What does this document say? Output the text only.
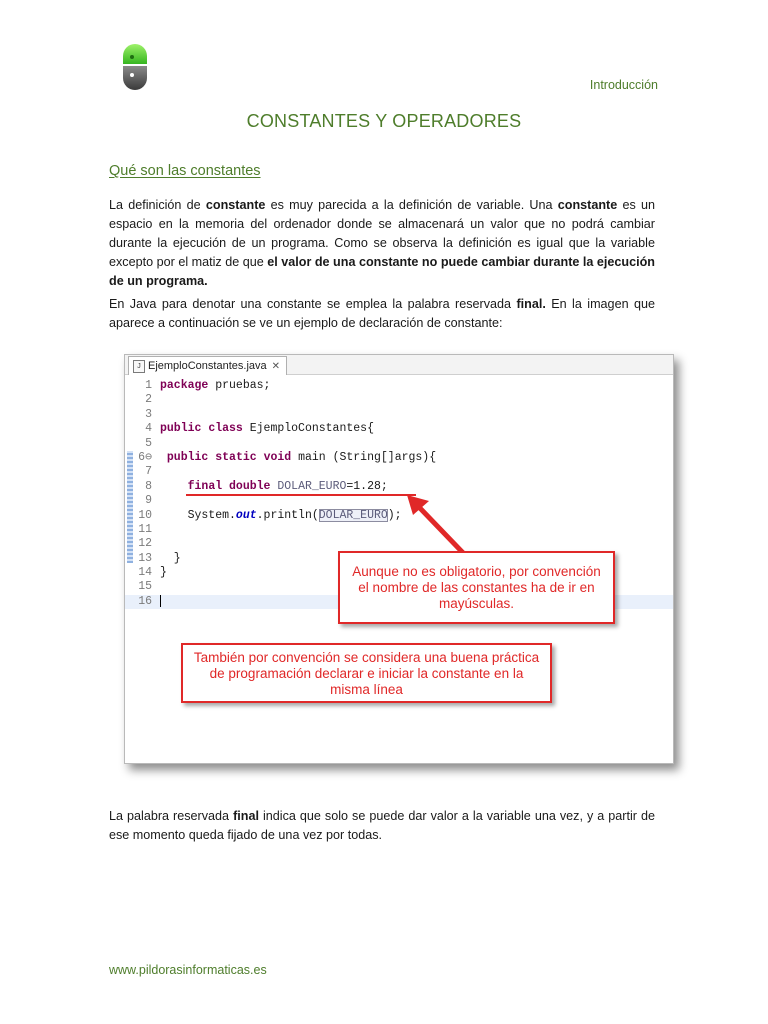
Introducción
CONSTANTES Y OPERADORES
Qué son las constantes

La definición de constante es muy parecida a la definición de variable. Una constante es un espacio en la memoria del ordenador donde se almacenará un valor que no podrá cambiar durante la ejecución de un programa. Como se observa la definición es igual que la variable excepto por el matiz de que el valor de una constante no puede cambiar durante la ejecución de un programa.

En Java para denotar una constante se emplea la palabra reservada final. En la imagen que aparece a continuación se ve un ejemplo de declaración de constante:

J EjemploConstantes.java ✕
1 package pruebas;
2
3
4 public class EjemploConstantes{
5
6⊖	public static void main (String[]args){
7
8	final double DOLAR_EURO=1.28;
9
10 System.out.println(DOLAR_EURO);
11
12
13 }
14 }
15
16
Aunque no es obligatorio, por convención el nombre de las constantes ha de ir en mayúsculas.
También por convención se considera una buena práctica de programación declarar e iniciar la constante en la misma línea

La palabra reservada final indica que solo se puede dar valor a la variable una vez, y a partir de ese momento queda fijado de una vez por todas.

www.pildorasinformaticas.es
